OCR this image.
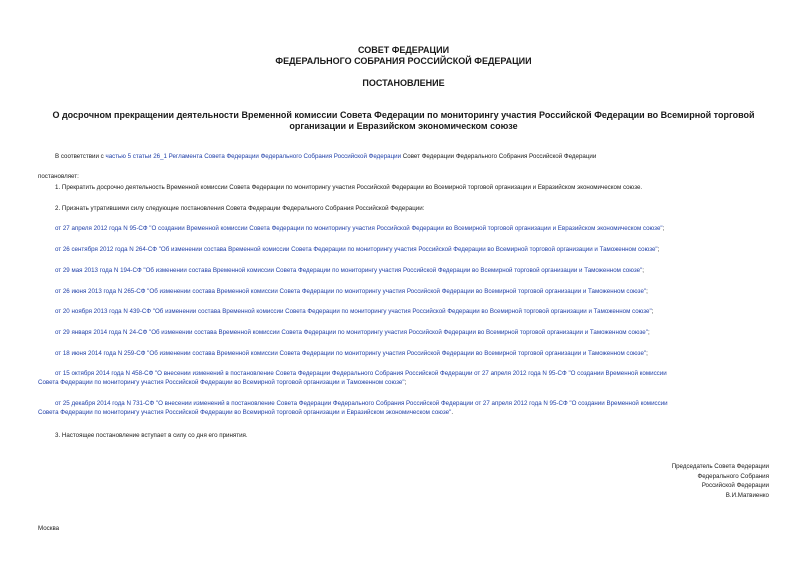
СОВЕТ ФЕДЕРАЦИИ
ФЕДЕРАЛЬНОГО СОБРАНИЯ РОССИЙСКОЙ ФЕДЕРАЦИИ
ПОСТАНОВЛЕНИЕ
О досрочном прекращении деятельности Временной комиссии Совета Федерации по мониторингу участия Российской Федерации во Всемирной торговой
организации и Евразийском экономическом союзе
В соответствии с частью 5 статьи 26_1 Регламента Совета Федерации Федерального Собрания Российской Федерации Совет Федерации Федерального Собрания Российской Федерации
постановляет:
1. Прекратить досрочно деятельность Временной комиссии Совета Федерации по мониторингу участия Российской Федерации во Всемирной торговой организации и Евразийском экономическом союзе.
2. Признать утратившими силу следующие постановления Совета Федерации Федерального Собрания Российской Федерации:
от 27 апреля 2012 года N 95-СФ "О создании Временной комиссии Совета Федерации по мониторингу участия Российской Федерации во Всемирной торговой организации и Евразийском экономическом союзе";
от 26 сентября 2012 года N 264-СФ "Об изменении состава Временной комиссии Совета Федерации по мониторингу участия Российской Федерации во Всемирной торговой организации и Таможенном союзе";
от 29 мая 2013 года N 194-СФ "Об изменении состава Временной комиссии Совета Федерации по мониторингу участия Российской Федерации во Всемирной торговой организации и Таможенном союзе";
от 26 июня 2013 года N 265-СФ "Об изменении состава Временной комиссии Совета Федерации по мониторингу участия Российской Федерации во Всемирной торговой организации и Таможенном союзе";
от 20 ноября 2013 года N 439-СФ "Об изменении состава Временной комиссии Совета Федерации по мониторингу участия Российской Федерации во Всемирной торговой организации и Таможенном союзе";
от 29 января 2014 года N 24-СФ "Об изменении состава Временной комиссии Совета Федерации по мониторингу участия Российской Федерации во Всемирной торговой организации и Таможенном союзе";
от 18 июня 2014 года N 259-СФ "Об изменении состава Временной комиссии Совета Федерации по мониторингу участия Российской Федерации во Всемирной торговой организации и Таможенном союзе";
от 15 октября 2014 года N 458-СФ "О внесении изменений в постановление Совета Федерации Федерального Собрания Российской Федерации от 27 апреля 2012 года N 95-СФ "О создании Временной комиссии
Совета Федерации по мониторингу участия Российской Федерации во Всемирной торговой организации и Таможенном союзе";
от 25 декабря 2014 года N 731-СФ "О внесении изменений в постановление Совета Федерации Федерального Собрания Российской Федерации от 27 апреля 2012 года N 95-СФ "О создании Временной комиссии
Совета Федерации по мониторингу участия Российской Федерации во Всемирной торговой организации и Евразийском экономическом союзе".
3. Настоящее постановление вступает в силу со дня его принятия.
Председатель Совета Федерации
Федерального Собрания
Российской Федерации
В.И.Матвиенко
Москва
